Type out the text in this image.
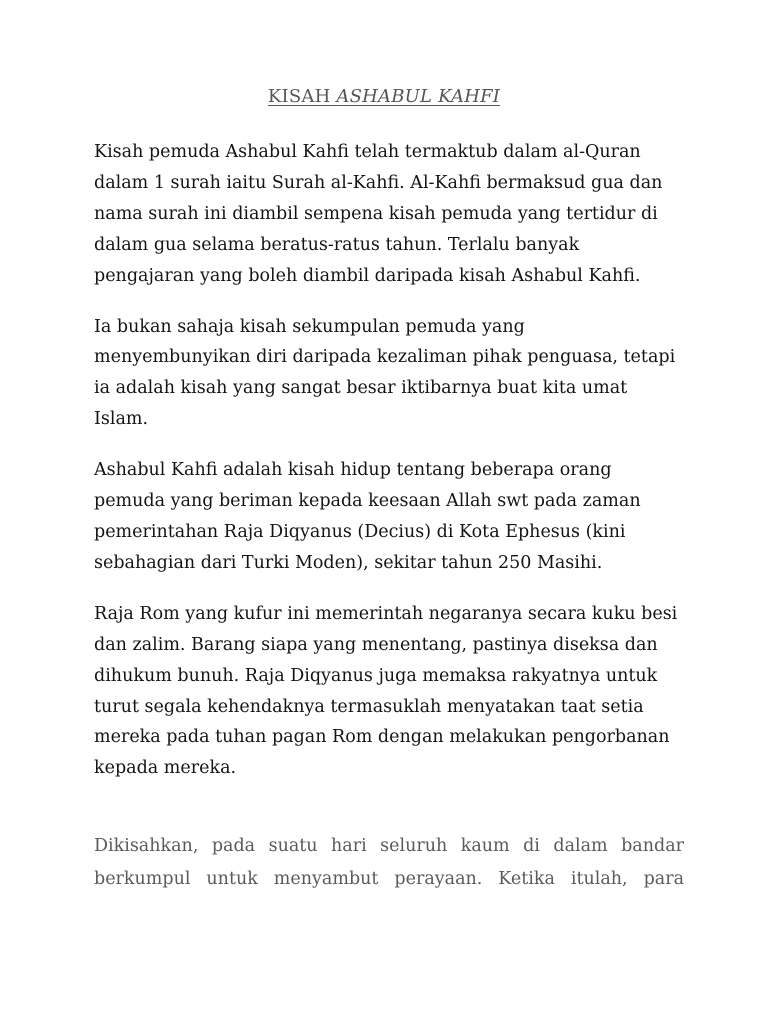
KISAH ASHABUL KAHFI

Kisah pemuda Ashabul Kahfi telah termaktub dalam al-Quran dalam 1 surah iaitu Surah al-Kahfi. Al-Kahfi bermaksud gua dan nama surah ini diambil sempena kisah pemuda yang tertidur di dalam gua selama beratus-ratus tahun. Terlalu banyak pengajaran yang boleh diambil daripada kisah Ashabul Kahfi.

Ia bukan sahaja kisah sekumpulan pemuda yang menyembunyikan diri daripada kezaliman pihak penguasa, tetapi ia adalah kisah yang sangat besar iktibarnya buat kita umat Islam.

Ashabul Kahfi adalah kisah hidup tentang beberapa orang pemuda yang beriman kepada keesaan Allah swt pada zaman pemerintahan Raja Diqyanus (Decius) di Kota Ephesus (kini sebahagian dari Turki Moden), sekitar tahun 250 Masihi.

Raja Rom yang kufur ini memerintah negaranya secara kuku besi dan zalim. Barang siapa yang menentang, pastinya diseksa dan dihukum bunuh. Raja Diqyanus juga memaksa rakyatnya untuk turut segala kehendaknya termasuklah menyatakan taat setia mereka pada tuhan pagan Rom dengan melakukan pengorbanan kepada mereka.

Dikisahkan, pada suatu hari seluruh kaum di dalam bandar berkumpul untuk menyambut perayaan. Ketika itulah, para
